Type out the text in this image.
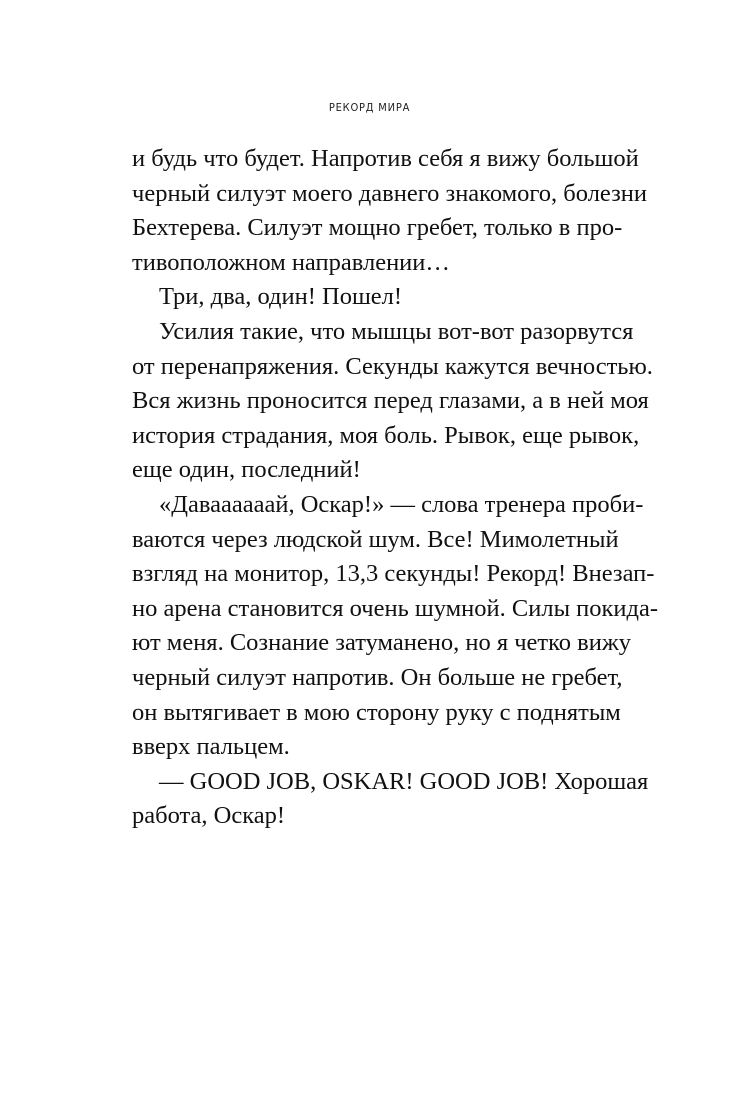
РЕКОРД МИРА
и будь что будет. Напротив себя я вижу большой
черный силуэт моего давнего знакомого, болезни
Бехтерева. Силуэт мощно гребет, только в про-
тивоположном направлении…
Три, два, один! Пошел!
Усилия такие, что мышцы вот-вот разорвутся
от перенапряжения. Секунды кажутся вечностью.
Вся жизнь проносится перед глазами, а в ней моя
история страдания, моя боль. Рывок, еще рывок,
еще один, последний!
«Даваааааай, Оскар!» — слова тренера проби-
ваются через людской шум. Все! Мимолетный
взгляд на монитор, 13,3 секунды! Рекорд! Внезап-
но арена становится очень шумной. Силы покида-
ют меня. Сознание затуманено, но я четко вижу
черный силуэт напротив. Он больше не гребет,
он вытягивает в мою сторону руку с поднятым
вверх пальцем.
— GOOD JOB, OSKAR! GOOD JOB! Хорошая
работа, Оскар!
